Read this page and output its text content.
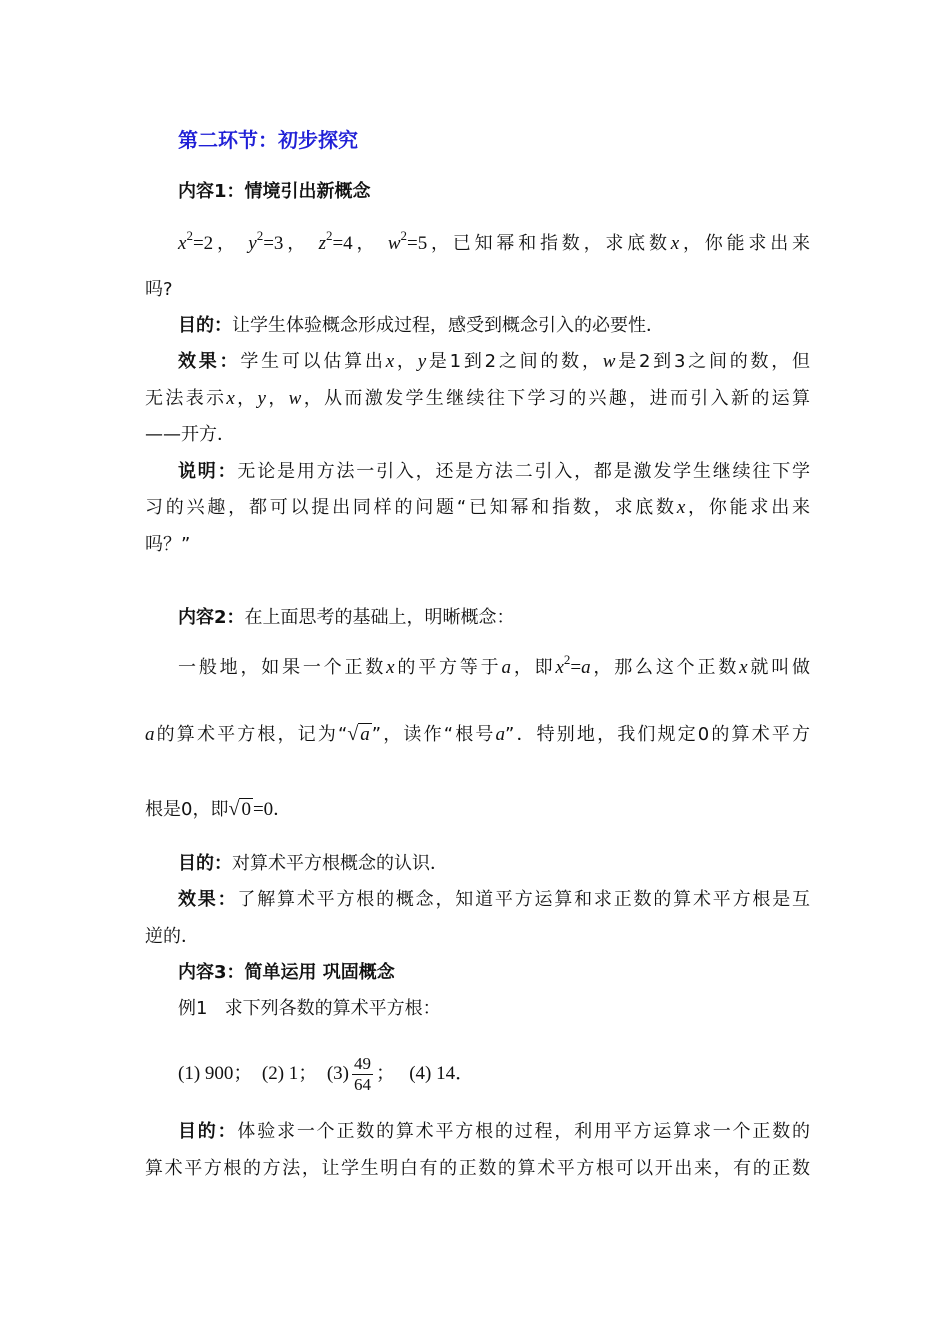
第二环节：初步探究
内容1：情境引出新概念
$x^2=2$， $y^2=3$， $z^2=4$， $w^2=5$，已知幂和指数，求底数x，你能求出来
吗?
目的：让学生体验概念形成过程，感受到概念引入的必要性．
效果：学生可以估算出x，y是1到2之间的数，w是2到3之间的数，但
无法表示x，y，w，从而激发学生继续往下学习的兴趣，进而引入新的运算
——开方．
说明：无论是用方法一引入，还是方法二引入，都是激发学生继续往下学
习的兴趣，都可以提出同样的问题“已知幂和指数，求底数x，你能求出来
吗？”
内容2：在上面思考的基础上，明晰概念：
一般地，如果一个正数x的平方等于a，即$x^2=a$，那么这个正数x就叫做
a的算术平方根，记为“√ a ”，读作“根号a”．特别地，我们规定0的算术平方
根是0，即√ 0 =0．
目的：对算术平方根概念的认识．
效果：了解算术平方根的概念，知道平方运算和求正数的算术平方根是互
逆的．
内容3：简单运用 巩固概念
例1 求下列各数的算术平方根：
(1) 900； (2) 1； $(3) \frac{49}{64}$ ； (4) 14．
目的：体验求一个正数的算术平方根的过程，利用平方运算求一个正数的
算术平方根的方法，让学生明白有的正数的算术平方根可以开出来，有的正数
